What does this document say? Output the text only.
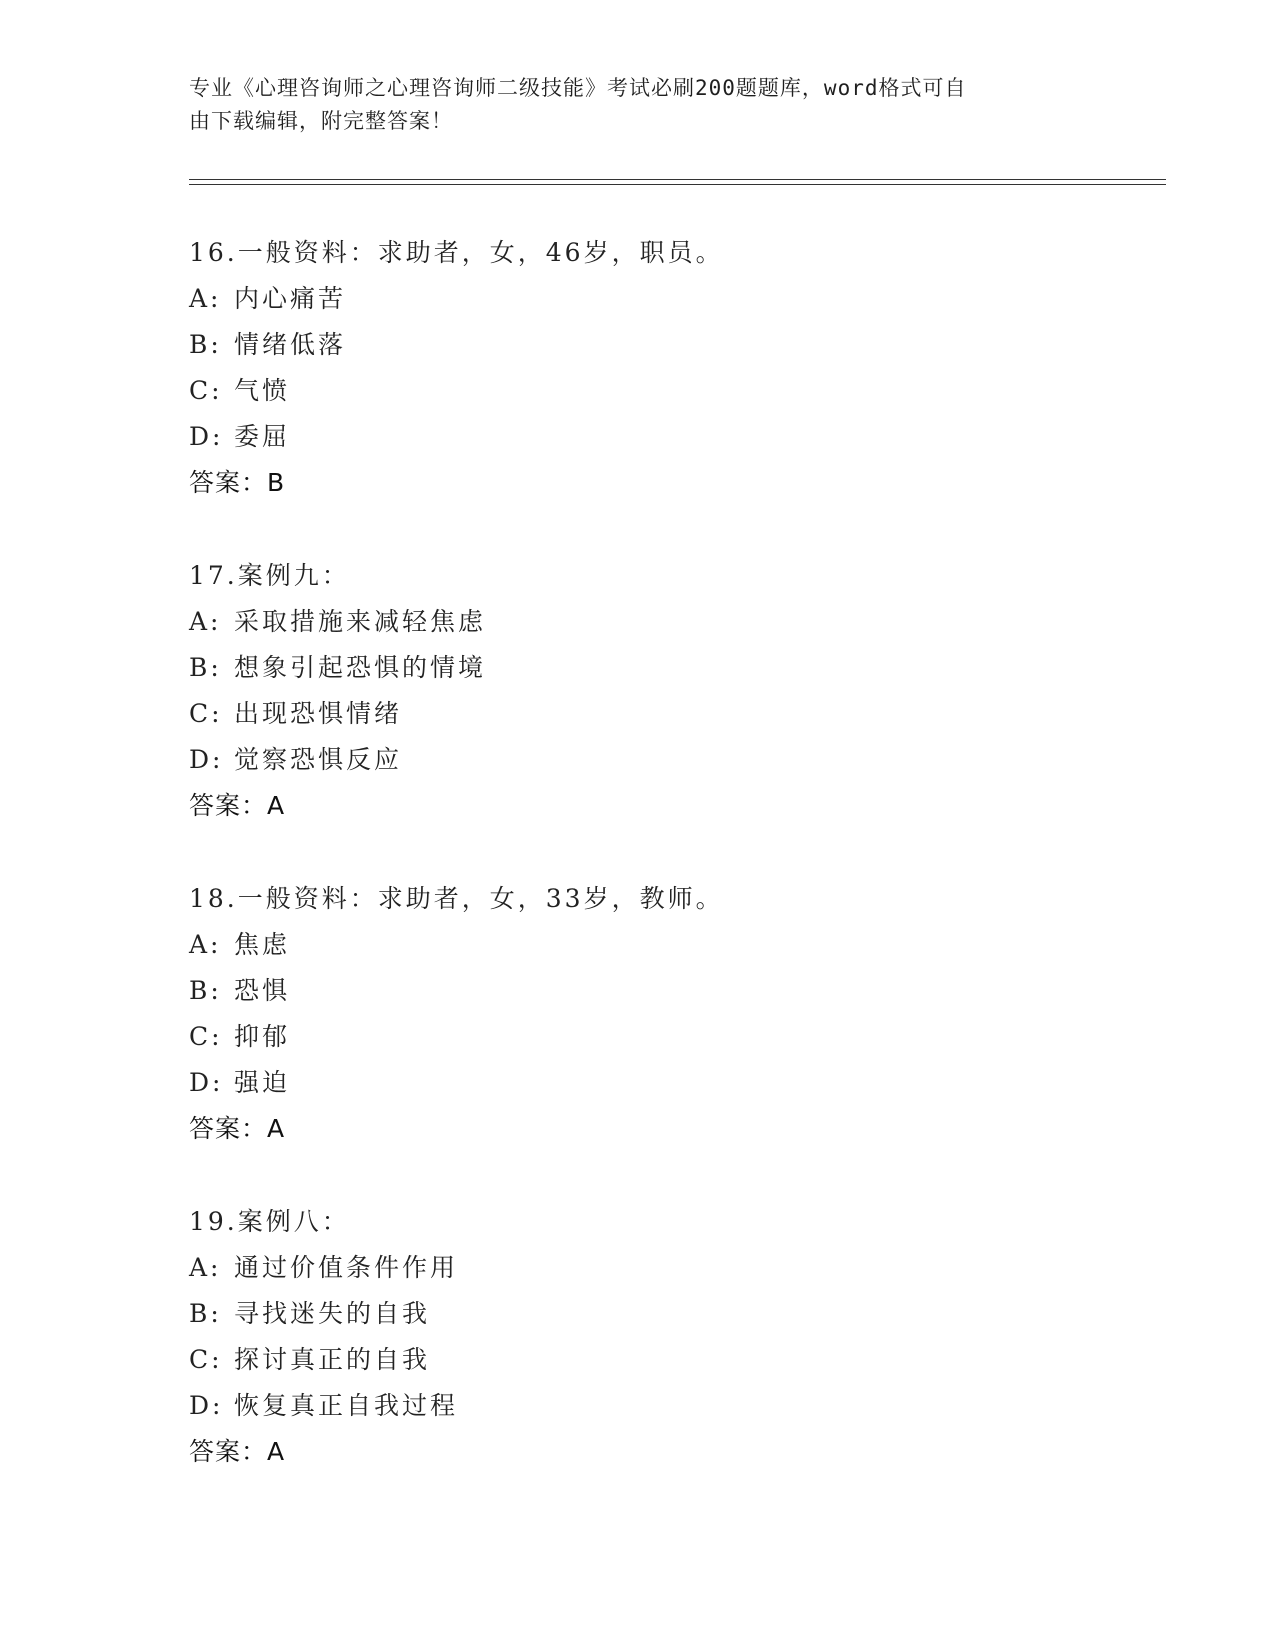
专业《心理咨询师之心理咨询师二级技能》考试必刷200题题库，word格式可自
由下载编辑，附完整答案！
16.一般资料：求助者，女，46岁，职员。
A: 内心痛苦
B: 情绪低落
C: 气愤
D: 委屈
答案：B
17.案例九：
A: 采取措施来减轻焦虑
B: 想象引起恐惧的情境
C: 出现恐惧情绪
D: 觉察恐惧反应
答案：A
18.一般资料：求助者，女，33岁，教师。
A: 焦虑
B: 恐惧
C: 抑郁
D: 强迫
答案：A
19.案例八：
A: 通过价值条件作用
B: 寻找迷失的自我
C: 探讨真正的自我
D: 恢复真正自我过程
答案：A
